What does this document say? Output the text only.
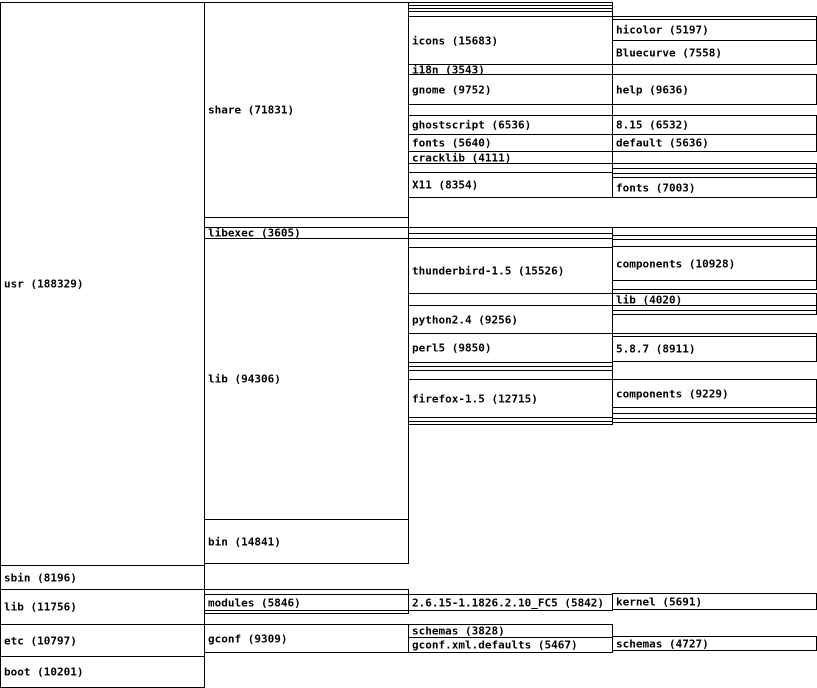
usr (188329)
sbin (8196)
lib (11756)
etc (10797)
boot (10201)
share (71831)
libexec (3605)
lib (94306)
bin (14841)
modules (5846)
gconf (9309)
icons (15683)
i18n (3543)
gnome (9752)
ghostscript (6536)
fonts (5640)
cracklib (4111)
X11 (8354)
thunderbird-1.5 (15526)
python2.4 (9256)
perl5 (9850)
firefox-1.5 (12715)
2.6.15-1.1826.2.10_FC5 (5842)
schemas (3828)
gconf.xml.defaults (5467)
hicolor (5197)
Bluecurve (7558)
help (9636)
8.15 (6532)
default (5636)
fonts (7003)
components (10928)
lib (4020)
5.8.7 (8911)
components (9229)
kernel (5691)
schemas (4727)
